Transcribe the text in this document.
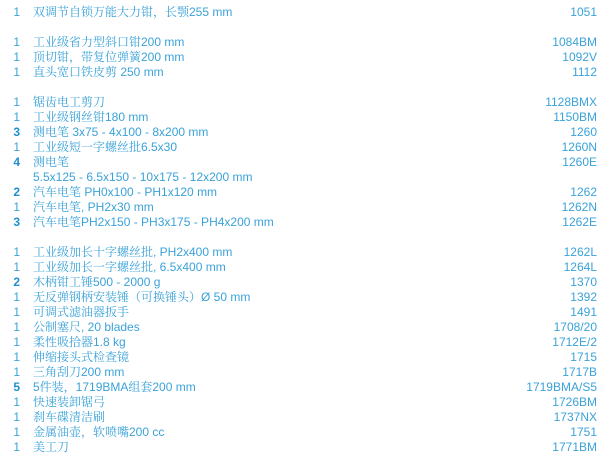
1	双调节自锁万能大力钳，长颚255 mm	1051
1	工业级省力型斜口钳200 mm	1084BM
1	顶切钳，带复位弹簧200 mm	1092V
1	直头宽口铁皮剪 250 mm	1112
1	锯齿电工剪刀	1128BMX
1	工业级钢丝钳180 mm	1150BM
3	测电笔 3x75 - 4x100 - 8x200 mm	1260
1	工业级短一字螺丝批6.5x30	1260N
4	测电笔	1260E
5.5x125 - 6.5x150 - 10x175 - 12x200 mm
2	汽车电笔 PH0x100 - PH1x120 mm	1262
1	汽车电笔, PH2x30 mm	1262N
3	汽车电笔PH2x150 - PH3x175 - PH4x200 mm	1262E
1	工业级加长十字螺丝批, PH2x400 mm	1262L
1	工业级加长一字螺丝批, 6.5x400 mm	1264L
2	木柄钳工锤500 - 2000 g	1370
1	无反弹钢柄安装锤（可换锤头）Ø 50 mm	1392
1	可调式滤油器扳手	1491
1	公制塞尺, 20 blades	1708/20
1	柔性吸拾器1.8 kg	1712E/2
1	伸缩接头式检查镜	1715
1	三角刮刀200 mm	1717B
5	5件装，1719BMA组套200 mm	1719BMA/S5
1	快速装卸锯弓	1726BM
1	刹车碟清洁刷	1737NX
1	金属油壶，软喷嘴200 cc	1751
1	美工刀	1771BM
